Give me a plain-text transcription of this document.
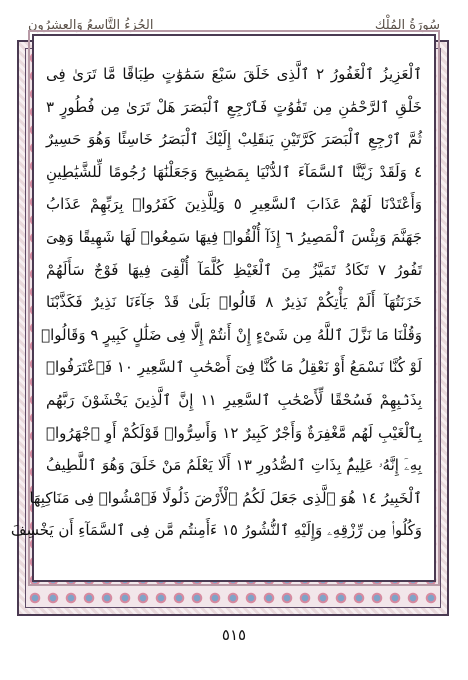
سُورَةُ المُلْك
الجُزءُ التَّاسِعُ وَالعِشرُون
ٱلْعَزِيزُ ٱلْغَفُورُ ٢ ٱلَّذِى خَلَقَ سَبْعَ سَمَٰوَٰتٍ طِبَاقًا مَّا تَرَىٰ فِى
خَلْقِ ٱلرَّحْمَٰنِ مِن تَفَٰوُتٍ فَٱرْجِعِ ٱلْبَصَرَ هَلْ تَرَىٰ مِن فُطُورٍ ٣
ثُمَّ ٱرْجِعِ ٱلْبَصَرَ كَرَّتَيْنِ يَنقَلِبْ إِلَيْكَ ٱلْبَصَرُ خَاسِئًا وَهُوَ حَسِيرٌ
٤ وَلَقَدْ زَيَّنَّا ٱلسَّمَآءَ ٱلدُّنْيَا بِمَصَٰبِيحَ وَجَعَلْنَٰهَا رُجُومًا لِّلشَّيَٰطِينِ
وَأَعْتَدْنَا لَهُمْ عَذَابَ ٱلسَّعِيرِ ٥ وَلِلَّذِينَ كَفَرُوا۟ بِرَبِّهِمْ عَذَابُ
جَهَنَّمَ وَبِئْسَ ٱلْمَصِيرُ ٦ إِذَآ أُلْقُوا۟ فِيهَا سَمِعُوا۟ لَهَا شَهِيقًا وَهِىَ
تَفُورُ ٧ تَكَادُ تَمَيَّزُ مِنَ ٱلْغَيْظِ كُلَّمَآ أُلْقِىَ فِيهَا فَوْجٌ سَأَلَهُمْ
خَزَنَتُهَآ أَلَمْ يَأْتِكُمْ نَذِيرٌ ٨ قَالُوا۟ بَلَىٰ قَدْ جَآءَنَا نَذِيرٌ فَكَذَّبْنَا
وَقُلْنَا مَا نَزَّلَ ٱللَّهُ مِن شَىْءٍ إِنْ أَنتُمْ إِلَّا فِى ضَلَٰلٍ كَبِيرٍ ٩ وَقَالُوا۟
لَوْ كُنَّا نَسْمَعُ أَوْ نَعْقِلُ مَا كُنَّا فِىٓ أَصْحَٰبِ ٱلسَّعِيرِ ١٠ فَٱعْتَرَفُوا۟
بِذَنۢبِهِمْ فَسُحْقًا لِّأَصْحَٰبِ ٱلسَّعِيرِ ١١ إِنَّ ٱلَّذِينَ يَخْشَوْنَ رَبَّهُم
بِٱلْغَيْبِ لَهُم مَّغْفِرَةٌ وَأَجْرٌ كَبِيرٌ ١٢ وَأَسِرُّوا۟ قَوْلَكُمْ أَوِ ٱجْهَرُوا۟
بِهِۦٓ إِنَّهُۥ عَلِيمٌۢ بِذَاتِ ٱلصُّدُورِ ١٣ أَلَا يَعْلَمُ مَنْ خَلَقَ وَهُوَ ٱللَّطِيفُ
ٱلْخَبِيرُ ١٤ هُوَ ٱلَّذِى جَعَلَ لَكُمُ ٱلْأَرْضَ ذَلُولًا فَٱمْشُوا۟ فِى مَنَاكِبِهَا
وَكُلُوا۟ مِن رِّزْقِهِۦ وَإِلَيْهِ ٱلنُّشُورُ ١٥ ءَأَمِنتُم مَّن فِى ٱلسَّمَآءِ أَن يَخْسِفَ
٥١٥
